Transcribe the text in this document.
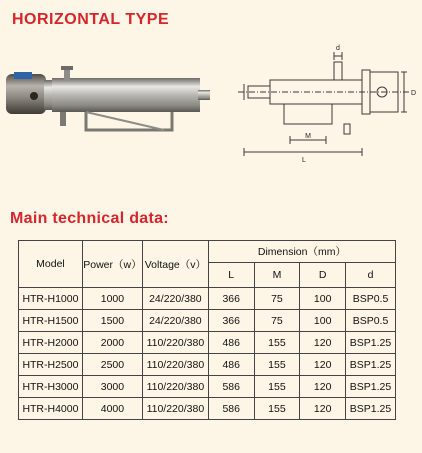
HORIZONTAL TYPE
d
D
M
L
Main technical data:
Model	Power（w）	Voltage（v）	Dimension（mm）			
			L	M	D	d
HTR-H1000	1000	24/220/380	366	75	100	BSP0.5
HTR-H1500	1500	24/220/380	366	75	100	BSP0.5
HTR-H2000	2000	110/220/380	486	155	120	BSP1.25
HTR-H2500	2500	110/220/380	486	155	120	BSP1.25
HTR-H3000	3000	110/220/380	586	155	120	BSP1.25
HTR-H4000	4000	110/220/380	586	155	120	BSP1.25
